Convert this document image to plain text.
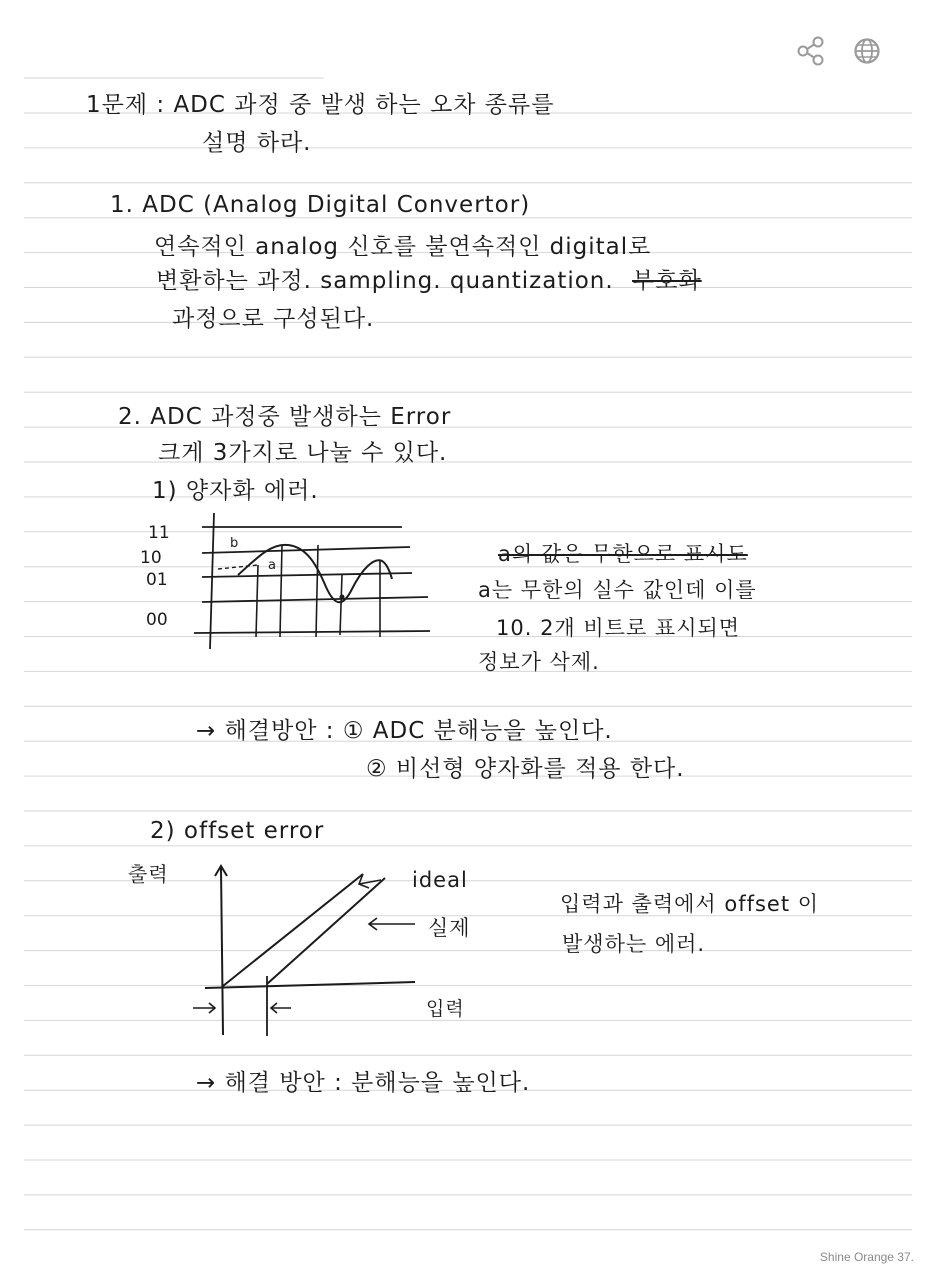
1문제 : ADC 과정 중 발생 하는 오차 종류를
설명 하라.
1. ADC (Analog Digital Convertor)
연속적인 analog 신호를 불연속적인 digital로
변환하는 과정. sampling. quantization. 부호화
과정으로 구성된다.
2. ADC 과정중 발생하는 Error
크게 3가지로 나눌 수 있다.
1) 양자화 에러.
11
10
01
00
b
a	a의 값은 무한으로 표시도
a는 무한의 실수 값인데 이를
10. 2개 비트로 표시되면
정보가 삭제.
→ 해결방안 : ① ADC 분해능을 높인다.
② 비선형 양자화를 적용 한다.
2) offset error
출력	ideal
실제
입력
입력과 출력에서 offset 이
발생하는 에러.
→ 해결 방안 : 분해능을 높인다.
Shine Orange 37.
